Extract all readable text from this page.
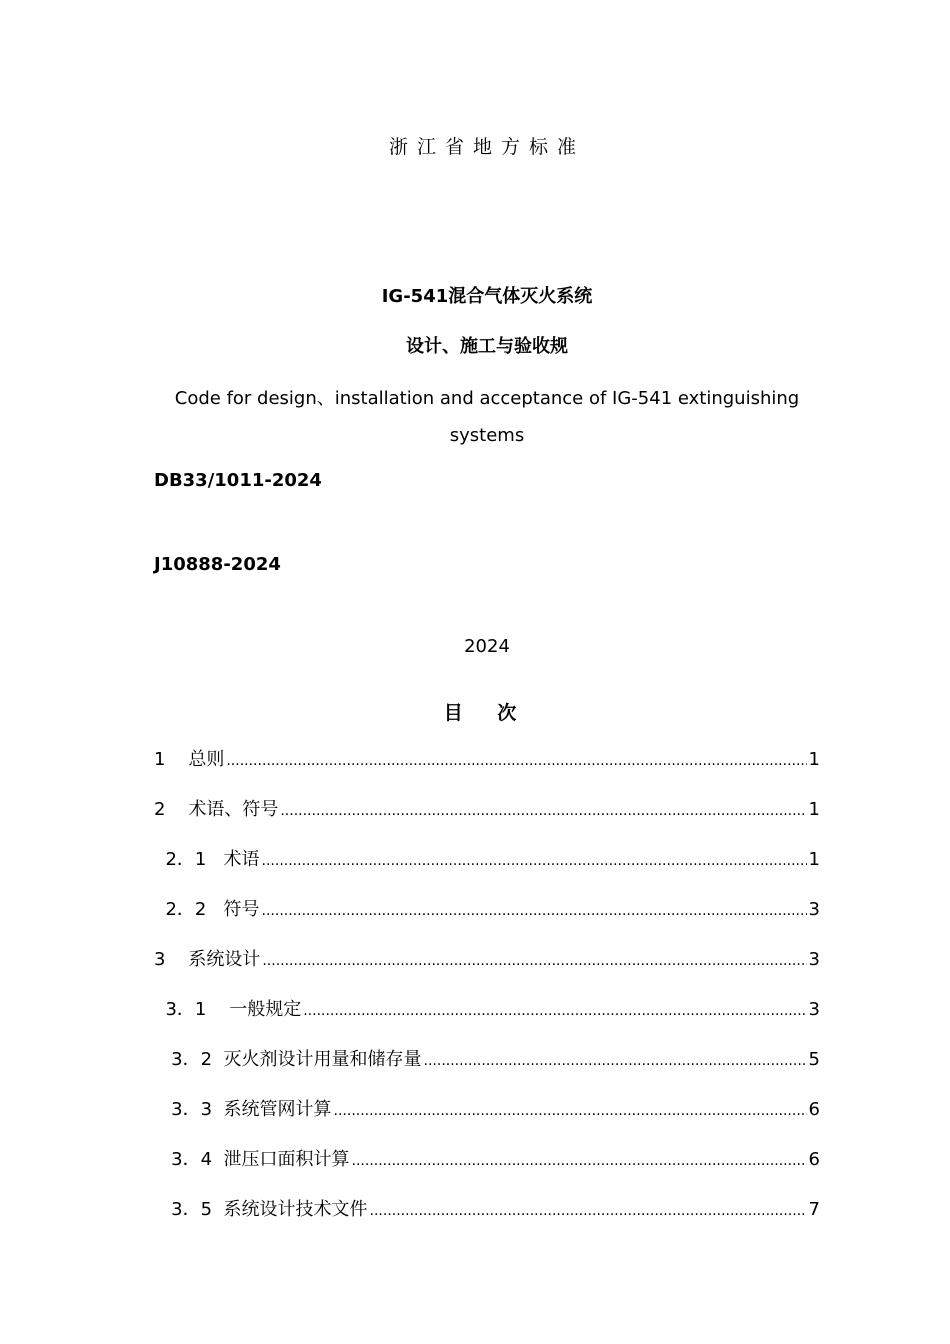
浙江省地方标准
IG-541混合气体灭火系统
设计、施工与验收规
Code for design、installation and acceptance of IG-541 extinguishing systems
DB33/1011-2024
J10888-2024
2024
目 次
1 总则 .....	1
2 术语、符号 .....	1
2．1 术语 .....	1
2．2 符号 .....	3
3 系统设计 .....	3
3．1 一般规定 .....	3
3．2 灭火剂设计用量和储存量 .....	5
3．3 系统管网计算 .....	6
3．4 泄压口面积计算 .....	6
3．5 系统设计技术文件 .....	7
